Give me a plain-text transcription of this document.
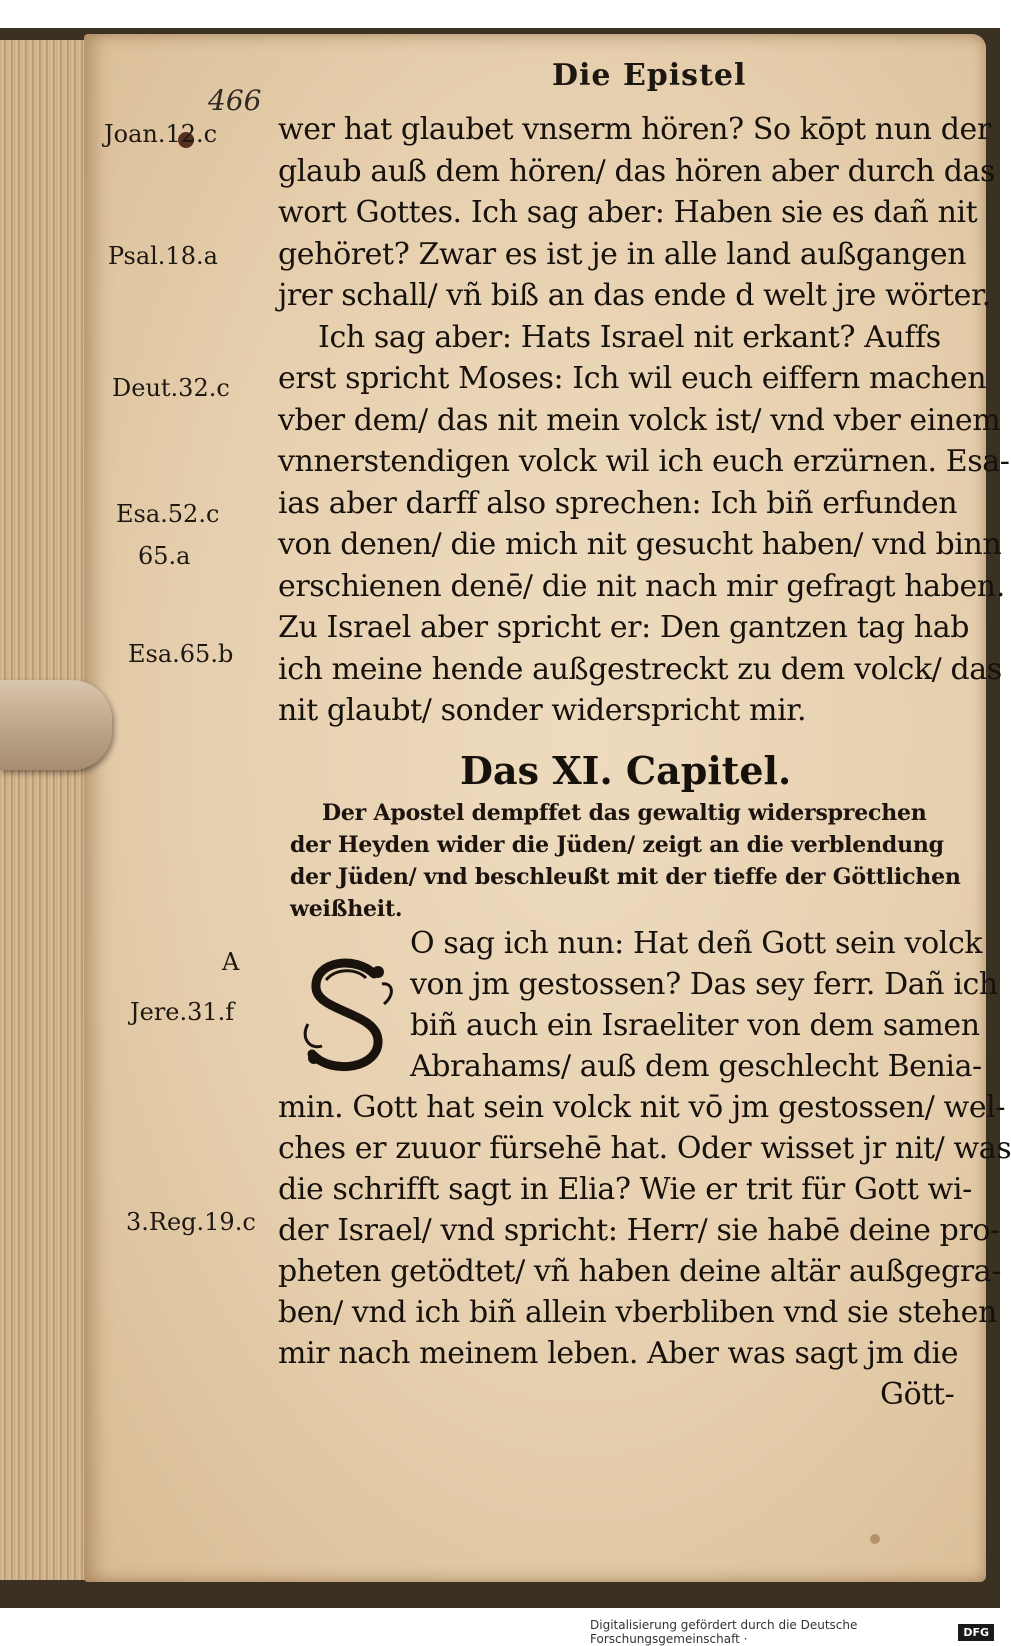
466
Die Epistel
Joan.12.c
Psal.18.a
Deut.32.c
Esa.52.c
65.a
Esa.65.b
A
Jere.31.f
3.Reg.19.c
wer hat glaubet vnserm hören? So kōpt nun der
glaub auß dem hören/ das hören aber durch das
wort Gottes. Ich sag aber: Haben sie es dañ nit
gehöret? Zwar es ist je in alle land außgangen
jrer schall/ vñ biß an das ende d welt jre wörter.
Ich sag aber: Hats Israel nit erkant? Auffs
erst spricht Moses: Ich wil euch eiffern machen
vber dem/ das nit mein volck ist/ vnd vber einem
vnnerstendigen volck wil ich euch erzürnen. Esa-
ias aber darff also sprechen: Ich biñ erfunden
von denen/ die mich nit gesucht haben/ vnd binn
erschienen denē/ die nit nach mir gefragt haben.
Zu Israel aber spricht er: Den gantzen tag hab
ich meine hende außgestreckt zu dem volck/ das
nit glaubt/ sonder widerspricht mir.
Das XI. Capitel.
Der Apostel dempffet das gewaltig widersprechen
der Heyden wider die Jüden/ zeigt an die verblendung
der Jüden/ vnd beschleußt mit der tieffe der Göttlichen
weißheit.
S
O sag ich nun: Hat deñ Gott sein volck
von jm gestossen? Das sey ferr. Dañ ich
biñ auch ein Israeliter von dem samen
Abrahams/ auß dem geschlecht Benia-
min. Gott hat sein volck nit vō jm gestossen/ wel-
ches er zuuor fürsehē hat. Oder wisset jr nit/ was
die schrifft sagt in Elia? Wie er trit für Gott wi-
der Israel/ vnd spricht: Herr/ sie habē deine pro-
pheten getödtet/ vñ haben deine altär außgegra-
ben/ vnd ich biñ allein vberbliben vnd sie stehen
mir nach meinem leben. Aber was sagt jm die
Gött-
Digitalisierung gefördert durch die Deutsche Forschungsgemeinschaft ·	DFG
